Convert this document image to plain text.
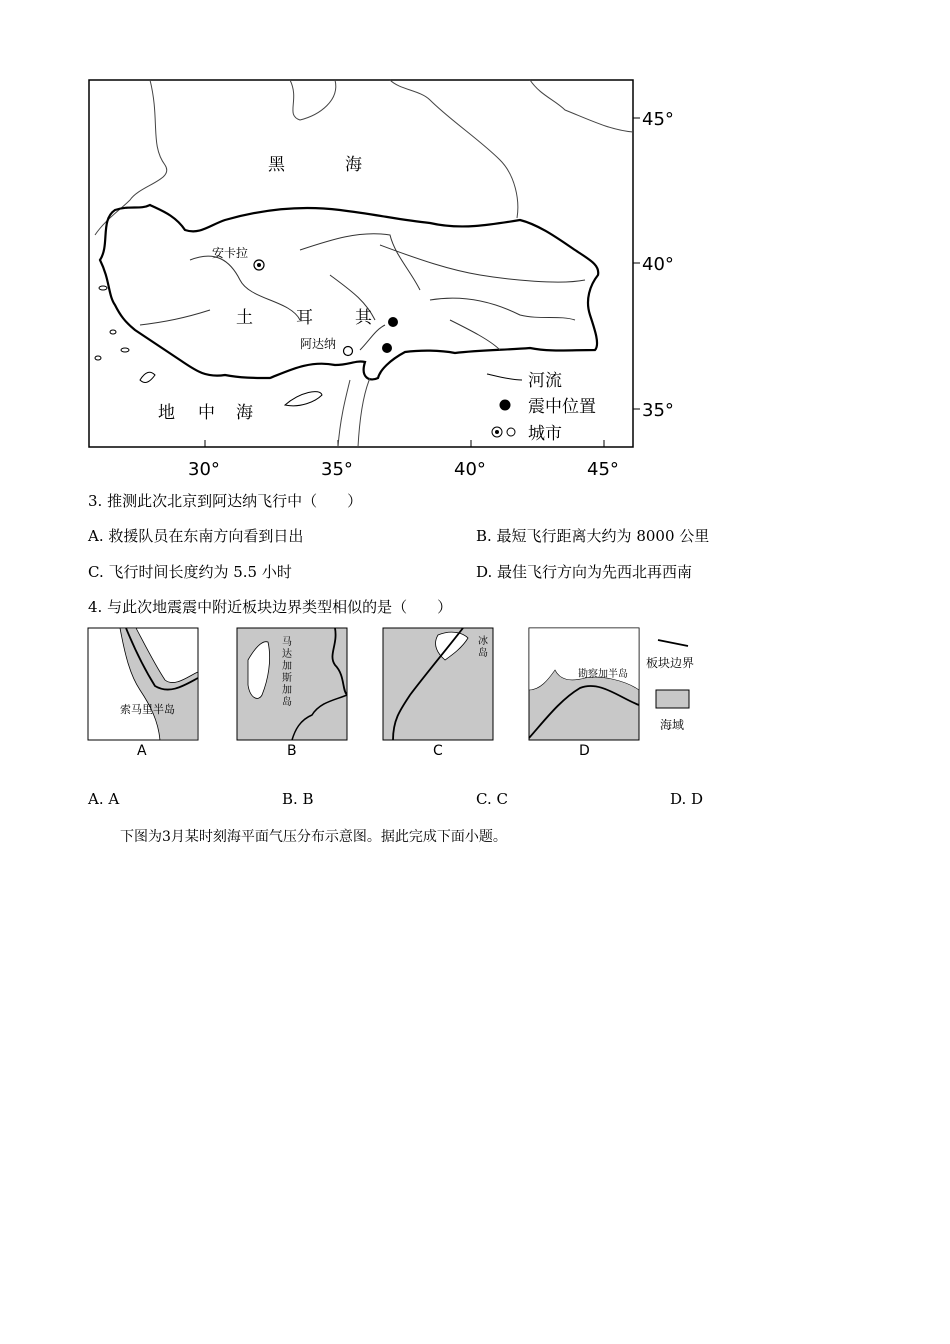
黑	海
土	耳 其
地 中 海
安卡拉
阿达纳
45°
40°
35°
30°	35°	40°	45°
河流
震中位置
城市
3. 推测此次北京到阿达纳飞行中（　　）
A. 救援队员在东南方向看到日出	B. 最短飞行距离大约为 8000 公里
C. 飞行时间长度约为 5.5 小时	D. 最佳飞行方向为先西北再西南
4. 与此次地震震中附近板块边界类型相似的是（　　）
索马里半岛
A
马
达
加
斯
加
岛
B
冰
岛
C
勘察加半岛
D
板块边界
海域
A. A	B. B	C. C	D. D
下图为3月某时刻海平面气压分布示意图。据此完成下面小题。
